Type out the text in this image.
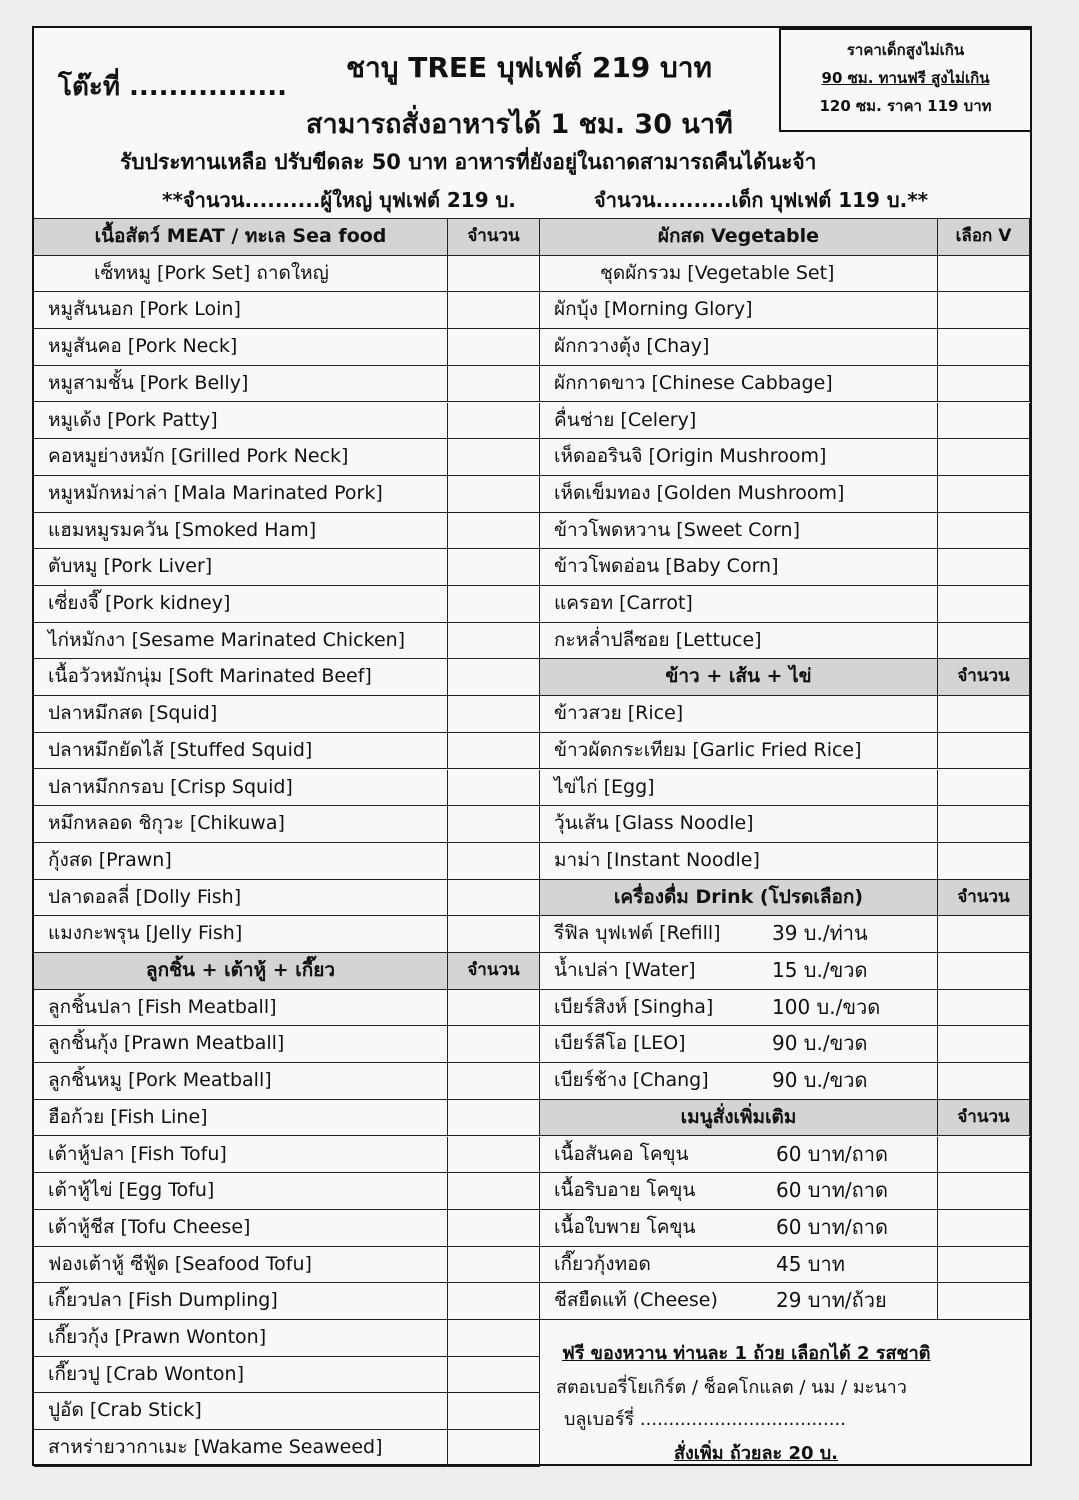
โต๊ะที่ ................
ชาบู TREE บุฟเฟต์ 219 บาท
สามารถสั่งอาหารได้ 1 ชม. 30 นาที
ราคาเด็กสูงไม่เกิน
90 ซม. ทานฟรี สูงไม่เกิน
120 ซม. ราคา 119 บาท
รับประทานเหลือ ปรับขีดละ 50 บาท อาหารที่ยังอยู่ในถาดสามารถคืนได้นะจ้า
**จำนวน..........ผู้ใหญ่ บุฟเฟต์ 219 บ.	จำนวน..........เด็ก บุฟเฟต์ 119 บ.**
เนื้อสัตว์ MEAT / ทะเล Sea food	จำนวน
เซ็ทหมู [Pork Set] ถาดใหญ่
หมูสันนอก [Pork Loin]
หมูสันคอ [Pork Neck]
หมูสามชั้น [Pork Belly]
หมูเด้ง [Pork Patty]
คอหมูย่างหมัก [Grilled Pork Neck]
หมูหมักหม่าล่า [Mala Marinated Pork]
แฮมหมูรมควัน [Smoked Ham]
ตับหมู [Pork Liver]
เซี่ยงจี๊ [Pork kidney]
ไก่หมักงา [Sesame Marinated Chicken]
เนื้อวัวหมักนุ่ม [Soft Marinated Beef]
ปลาหมึกสด [Squid]
ปลาหมึกยัดไส้ [Stuffed Squid]
ปลาหมึกกรอบ [Crisp Squid]
หมึกหลอด ชิกุวะ [Chikuwa]
กุ้งสด [Prawn]
ปลาดอลลี่ [Dolly Fish]
แมงกะพรุน [Jelly Fish]
ลูกชิ้น + เต้าหู้ + เกี๊ยว	จำนวน
ลูกชิ้นปลา [Fish Meatball]
ลูกชิ้นกุ้ง [Prawn Meatball]
ลูกชิ้นหมู [Pork Meatball]
ฮือก้วย [Fish Line]
เต้าหู้ปลา [Fish Tofu]
เต้าหู้ไข่ [Egg Tofu]
เต้าหู้ชีส [Tofu Cheese]
ฟองเต้าหู้ ซีฟู้ด [Seafood Tofu]
เกี๊ยวปลา [Fish Dumpling]
เกี๊ยวกุ้ง [Prawn Wonton]
เกี๊ยวปู [Crab Wonton]
ปูอัด [Crab Stick]
สาหร่ายวากาเมะ [Wakame Seaweed]
ผักสด Vegetable	เลือก V
ชุดผักรวม [Vegetable Set]
ผักบุ้ง [Morning Glory]
ผักกวางตุ้ง [Chay]
ผักกาดขาว [Chinese Cabbage]
คื่นช่าย [Celery]
เห็ดออรินจิ [Origin Mushroom]
เห็ดเข็มทอง [Golden Mushroom]
ข้าวโพดหวาน [Sweet Corn]
ข้าวโพดอ่อน [Baby Corn]
แครอท [Carrot]
กะหล่ำปลีซอย [Lettuce]
ข้าว + เส้น + ไข่	จำนวน
ข้าวสวย [Rice]
ข้าวผัดกระเทียม [Garlic Fried Rice]
ไข่ไก่ [Egg]
วุ้นเส้น [Glass Noodle]
มาม่า [Instant Noodle]
เครื่องดื่ม Drink (โปรดเลือก)	จำนวน
รีฟิล บุฟเฟต์ [Refill]	39 บ./ท่าน
น้ำเปล่า [Water]	15 บ./ขวด
เบียร์สิงห์ [Singha]	100 บ./ขวด
เบียร์ลีโอ [LEO]	90 บ./ขวด
เบียร์ช้าง [Chang]	90 บ./ขวด
เมนูสั่งเพิ่มเติม	จำนวน
เนื้อสันคอ โคขุน	60 บาท/ถาด
เนื้อริบอาย โคขุน	60 บาท/ถาด
เนื้อใบพาย โคขุน	60 บาท/ถาด
เกี๊ยวกุ้งทอด	45 บาท
ชีสยืดแท้ (Cheese)	29 บาท/ถ้วย
ฟรี ของหวาน ท่านละ 1 ถ้วย เลือกได้ 2 รสชาติ
สตอเบอรี่โยเกิร์ต / ช็อคโกแลต / นม / มะนาว
บลูเบอร์รี่ ....................................
สั่งเพิ่ม ถ้วยละ 20 บ.
